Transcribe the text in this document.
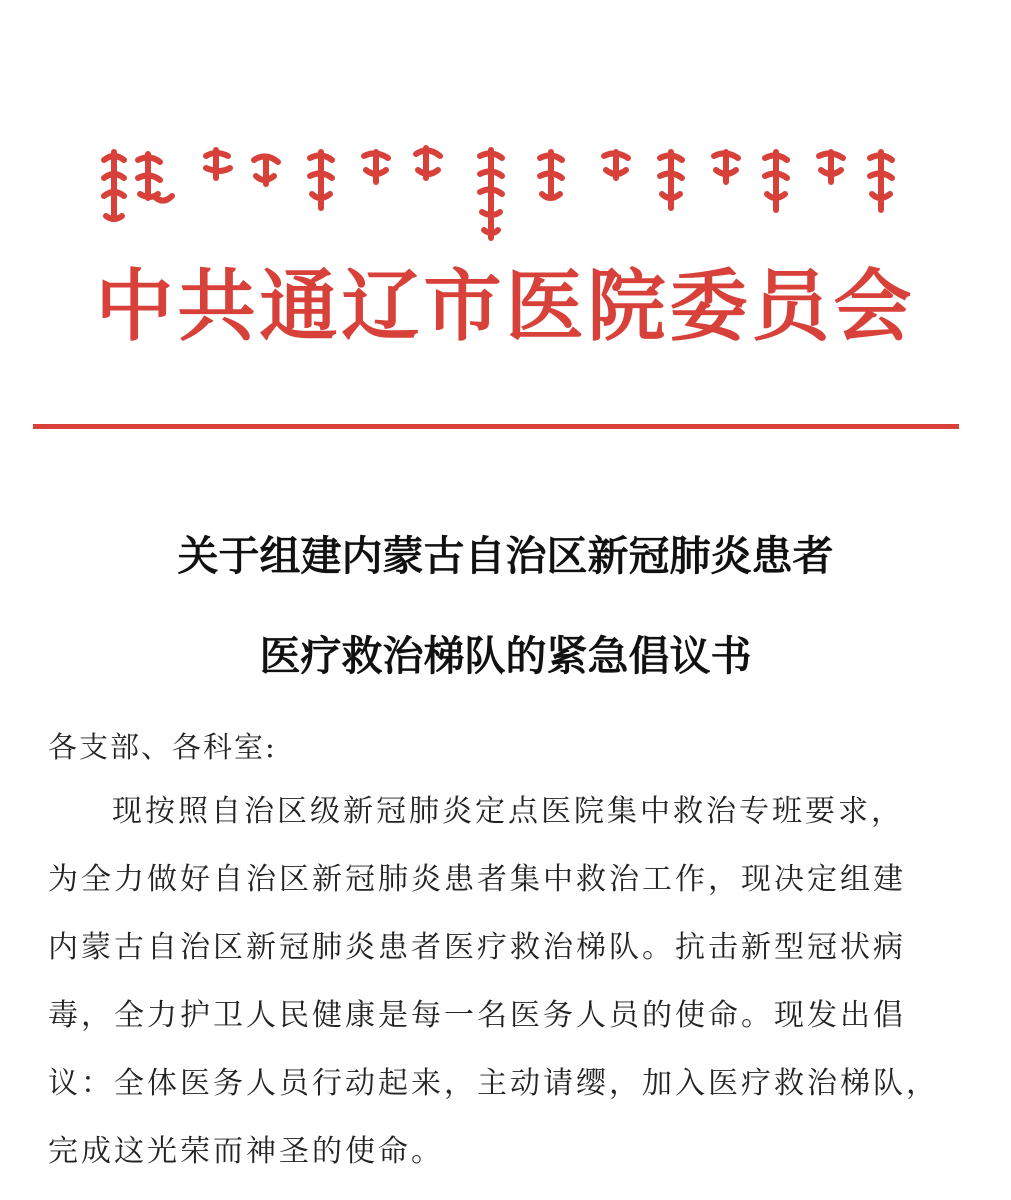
中共通辽市医院委员会
关于组建内蒙古自治区新冠肺炎患者
医疗救治梯队的紧急倡议书
各支部、各科室:
现按照自治区级新冠肺炎定点医院集中救治专班要求，
为全力做好自治区新冠肺炎患者集中救治工作，现决定组建
内蒙古自治区新冠肺炎患者医疗救治梯队。抗击新型冠状病
毒，全力护卫人民健康是每一名医务人员的使命。现发出倡
议：全体医务人员行动起来，主动请缨，加入医疗救治梯队，
完成这光荣而神圣的使命。
